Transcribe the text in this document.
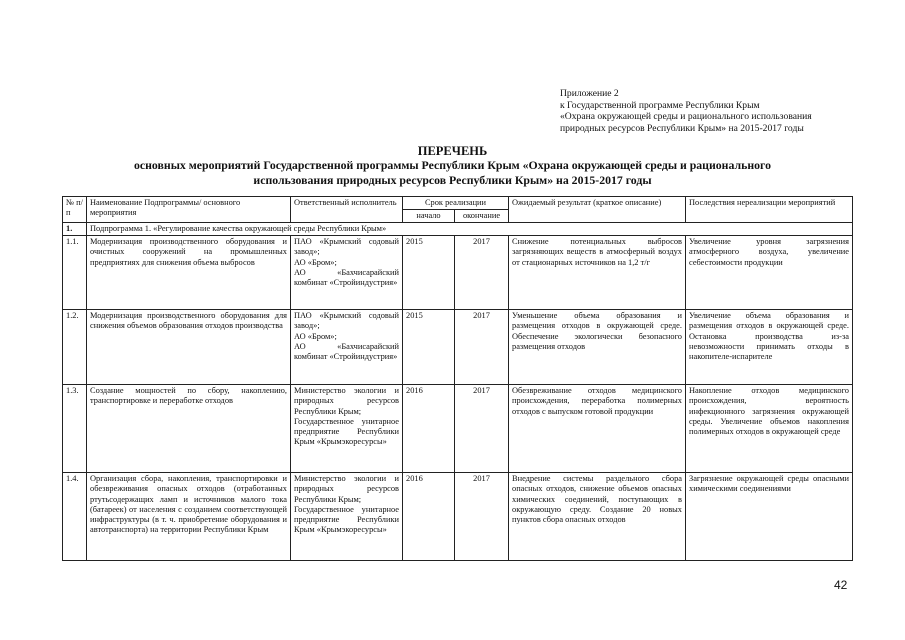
Приложение 2
к Государственной программе Республики Крым
«Охрана окружающей среды и рационального использования
природных ресурсов Республики Крым» на 2015-2017 годы
ПЕРЕЧЕНЬ
основных мероприятий Государственной программы Республики Крым «Охрана окружающей среды и рационального
использования природных ресурсов Республики Крым» на 2015-2017 годы
№ п/п	Наименование Подпрограммы/ основного мероприятия	Ответственный исполнитель	Срок реализации		Ожидаемый результат (краткое описание)	Последствия нереализации мероприятий
			начало	окончание		
1.	Подпрограмма 1. «Регулирование качества окружающей среды Республики Крым»					
1.1.	Модернизация производственного оборудования и очистных сооружений на промышленных предприятиях для снижения объема выбросов	ПАО «Крымский содовый завод»;
АО «Бром»;
АО «Бахчисарайский комбинат «Стройиндустрия»	2015	2017	Снижение потенциальных выбросов загрязняющих веществ в атмосферный воздух от стационарных источников на 1,2 т/г	Увеличение уровня загрязнения атмосферного воздуха, увеличение себестоимости продукции
1.2.	Модернизация производственного оборудования для снижения объемов образования отходов производства	ПАО «Крымский содовый завод»;
АО «Бром»;
АО «Бахчисарайский комбинат «Стройиндустрия»	2015	2017	Уменьшение объема образования и размещения отходов в окружающей среде. Обеспечение экологически безопасного размещения отходов	Увеличение объема образования и размещения отходов в окружающей среде. Остановка производства из-за невозможности принимать отходы в накопителе-испарителе
1.3.	Создание мощностей по сбору, накоплению, транспортировке и переработке отходов	Министерство экологии и природных ресурсов Республики Крым;
Государственное унитарное предприятие Республики Крым «Крымэкоресурсы»	2016	2017	Обезвреживание отходов медицинского происхождения, переработка полимерных отходов с выпуском готовой продукции	Накопление отходов медицинского происхождения, вероятность инфекционного загрязнения окружающей среды. Увеличение объемов накопления полимерных отходов в окружающей среде
1.4.	Организация сбора, накопления, транспортировки и обезвреживания опасных отходов (отработанных ртутьсодержащих ламп и источников малого тока (батареек) от населения с созданием соответствующей инфраструктуры (в т. ч. приобретение оборудования и автотранспорта) на территории Республики Крым	Министерство экологии и природных ресурсов Республики Крым;
Государственное унитарное предприятие Республики Крым «Крымэкоресурсы»	2016	2017	Внедрение системы раздельного сбора опасных отходов, снижение объемов опасных химических соединений, поступающих в окружающую среду. Создание 20 новых пунктов сбора опасных отходов	Загрязнение окружающей среды опасными химическими соединениями
42
